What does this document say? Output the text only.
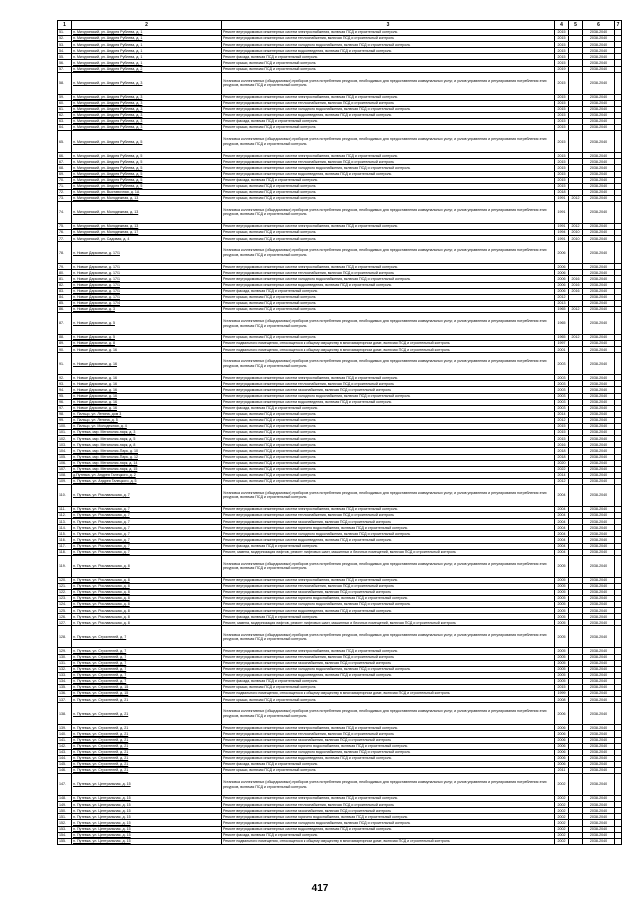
1	2	3	4	5	6	7
51.	п. Мичуринский, ул. Андрея Рублева, д. 1	Ремонт внутридомовых инженерных систем электроснабжения, включая ПСД и строительный контроль	2015		2038-2040	
52.	п. Мичуринский, ул. Андрея Рублева, д. 1	Ремонт внутридомовых инженерных систем теплоснабжения, включая ПСД и строительный контроль	2015		2038-2040	
53.	п. Мичуринский, ул. Андрея Рублева, д. 1	Ремонт внутридомовых инженерных систем холодного водоснабжения, включая ПСД и строительный контроль	2015		2038-2040	
54.	п. Мичуринский, ул. Андрея Рублева, д. 1	Ремонт внутридомовых инженерных систем водоотведения, включая ПСД и строительный контроль	2015		2038-2040	
55.	п. Мичуринский, ул. Андрея Рублева, д. 1	Ремонт фасада, включая ПСД и строительный контроль	2015		2038-2040	
56.	п. Мичуринский, ул. Андрея Рублева, д. 1	Ремонт крыши, включая ПСД и строительный контроль	2015		2038-2040	
57.	п. Мичуринский, ул. Андрея Рублева, д. 2	Ремонт крыши, включая ПСД и строительный контроль	2019		2038-2040	
58.	п. Мичуринский, ул. Андрея Рублева, д. 3	Установка коллективных (общедомовых) приборов учета потребления ресурсов, необходимых для предоставления коммунальных услуг, и узлов управления и регулирования потребления этих ресурсов, включая ПСД и строительный контроль	2015		2038-2040	
59.	п. Мичуринский, ул. Андрея Рублева, д. 3	Ремонт внутридомовых инженерных систем электроснабжения, включая ПСД и строительный контроль	2015		2038-2040	
60.	п. Мичуринский, ул. Андрея Рублева, д. 3	Ремонт внутридомовых инженерных систем теплоснабжения, включая ПСД и строительный контроль	2015		2038-2040	
61.	п. Мичуринский, ул. Андрея Рублева, д. 3	Ремонт внутридомовых инженерных систем холодного водоснабжения, включая ПСД и строительный контроль	2015		2038-2040	
62.	п. Мичуринский, ул. Андрея Рублева, д. 3	Ремонт внутридомовых инженерных систем водоотведения, включая ПСД и строительный контроль	2015		2038-2040	
63.	п. Мичуринский, ул. Андрея Рублева, д. 3	Ремонт фасада, включая ПСД и строительный контроль	2015		2038-2040	
64.	п. Мичуринский, ул. Андрея Рублева, д. 3	Ремонт крыши, включая ПСД и строительный контроль	2015		2038-2040	
65.	п. Мичуринский, ул. Андрея Рублева, д. 5	Установка коллективных (общедомовых) приборов учета потребления ресурсов, необходимых для предоставления коммунальных услуг, и узлов управления и регулирования потребления этих ресурсов, включая ПСД и строительный контроль	2015		2038-2040	
66.	п. Мичуринский, ул. Андрея Рублева, д. 5	Ремонт внутридомовых инженерных систем электроснабжения, включая ПСД и строительный контроль	2015		2038-2040	
67.	п. Мичуринский, ул. Андрея Рублева, д. 5	Ремонт внутридомовых инженерных систем теплоснабжения, включая ПСД и строительный контроль	2015		2038-2040	
68.	п. Мичуринский, ул. Андрея Рублева, д. 5	Ремонт внутридомовых инженерных систем холодного водоснабжения, включая ПСД и строительный контроль	2015		2038-2040	
69.	п. Мичуринский, ул. Андрея Рублева, д. 5	Ремонт внутридомовых инженерных систем водоотведения, включая ПСД и строительный контроль	2015		2038-2040	
70.	п. Мичуринский, ул. Андрея Рублева, д. 5	Ремонт фасада, включая ПСД и строительный контроль	2015		2038-2040	
71.	п. Мичуринский, ул. Андрея Рублева, д. 5	Ремонт крыши, включая ПСД и строительный контроль	2015		2038-2040	
72.	п. Мичуринский, ул. Выставочная, д. 1А	Ремонт крыши, включая ПСД и строительный контроль	2018		2038-2040	
73.	п. Мичуринский, ул. Молодежная, д. 13	Ремонт крыши, включая ПСД и строительный контроль	1991	2012	2038-2040	
74.	п. Мичуринский, ул. Молодежная, д. 13	Установка коллективных (общедомовых) приборов учета потребления ресурсов, необходимых для предоставления коммунальных услуг, и узлов управления и регулирования потребления этих ресурсов, включая ПСД и строительный контроль	1991		2038-2040	
75.	п. Мичуринский, ул. Молодежная, д. 13	Ремонт внутридомовых инженерных систем электроснабжения, включая ПСД и строительный контроль	1991	2012	2038-2040	
76.	п. Мичуринский, ул. Молодежная, д. 17	Ремонт крыши, включая ПСД и строительный контроль	1994	2010	2038-2040	
77.	п. Мичуринский, ул. Садовая, д. 4	Ремонт крыши, включая ПСД и строительный контроль	1991	2010	2038-2040	
78.	п. Новые Дарковичи, д. 17/1	Установка коллективных (общедомовых) приборов учета потребления ресурсов, необходимых для предоставления коммунальных услуг, и узлов управления и регулирования потребления этих ресурсов, включая ПСД и строительный контроль	2006		2038-2040	
79.	п. Новые Дарковичи, д. 17/1	Ремонт внутридомовых инженерных систем электроснабжения, включая ПСД и строительный контроль	2006		2038-2040	
80.	п. Новые Дарковичи, д. 17/1	Ремонт внутридомовых инженерных систем теплоснабжения, включая ПСД и строительный контроль	2006		2038-2040	
81.	п. Новые Дарковичи, д. 17/1	Ремонт внутридомовых инженерных систем холодного водоснабжения, включая ПСД и строительный контроль	2006	2016	2038-2040	
82.	п. Новые Дарковичи, д. 17/1	Ремонт внутридомовых инженерных систем водоотведения, включая ПСД и строительный контроль	2006	2016	2038-2040	
83.	п. Новые Дарковичи, д. 17/1	Ремонт фасада, включая ПСД и строительный контроль	2006	2016	2038-2040	
84.	п. Новые Дарковичи, д. 17/1	Ремонт крыши, включая ПСД и строительный контроль	2012		2038-2040	
85.	п. Новые Дарковичи, д. 17/4	Ремонт крыши, включая ПСД и строительный контроль	2013		2038-2040	
86.	п. Новые Дарковичи, д. 3	Ремонт крыши, включая ПСД и строительный контроль	1965	2012	2038-2040	
87.	п. Новые Дарковичи, д. 5	Установка коллективных (общедомовых) приборов учета потребления ресурсов, необходимых для предоставления коммунальных услуг, и узлов управления и регулирования потребления этих ресурсов, включая ПСД и строительный контроль	1965		2038-2040	
88.	п. Новые Дарковичи, д. 5	Ремонт крыши, включая ПСД и строительный контроль	1965	2012	2038-2040	
89.	п. Новые Дарковичи, д. 8	Ремонт подвального помещения, относящегося к общему имуществу в многоквартирном доме, включая ПСД и строительный контроль	1997		2038-2040	
90.	п. Новые Дарковичи, д. 16	Ремонт подвального помещения, относящегося к общему имуществу в многоквартирном доме, включая ПСД и строительный контроль	2001		2038-2040	
91.	п. Новые Дарковичи, д. 16	Установка коллективных (общедомовых) приборов учета потребления ресурсов, необходимых для предоставления коммунальных услуг, и узлов управления и регулирования потребления этих ресурсов, включая ПСД и строительный контроль	2003		2038-2040	
92.	п. Новые Дарковичи, д. 16	Ремонт внутридомовых инженерных систем электроснабжения, включая ПСД и строительный контроль	2003		2038-2040	
93.	п. Новые Дарковичи, д. 16	Ремонт внутридомовых инженерных систем теплоснабжения, включая ПСД и строительный контроль	2003		2038-2040	
94.	п. Новые Дарковичи, д. 16	Ремонт внутридомовых инженерных систем газоснабжения, включая ПСД и строительный контроль	2003		2038-2040	
95.	п. Новые Дарковичи, д. 16	Ремонт внутридомовых инженерных систем холодного водоснабжения, включая ПСД и строительный контроль	2003		2038-2040	
96.	п. Новые Дарковичи, д. 16	Ремонт внутридомовых инженерных систем водоотведения, включая ПСД и строительный контроль	2003		2038-2040	
97.	п. Новые Дарковичи, д. 16	Ремонт фасада, включая ПСД и строительный контроль	2003		2038-2040	
98.	п. Пальцо, ул. Ленина, дом 3	Ремонт крыши, включая ПСД и строительный контроль	2014		2038-2040	
99.	п. Пальцо, ул. Ленина, д. 5	Ремонт крыши, включая ПСД и строительный контроль	2012		2038-2040	
100.	п. Пальцо, ул. Молодежная, д. 4	Ремонт крыши, включая ПСД и строительный контроль	2015		2038-2040	
101.	п. Путевка, мкр. Мегаполис-парк, д. 3	Ремонт крыши, включая ПСД и строительный контроль	2015		2038-2040	
102.	п. Путевка, мкр. Мегаполис-парк, д. 5	Ремонт крыши, включая ПСД и строительный контроль	2015		2038-2040	
103.	п. Путевка, мкр. Мегаполис-парк, д. 8	Ремонт крыши, включая ПСД и строительный контроль	2016		2038-2040	
104.	п. Путевка, мкр. Мегаполис-Парк, д. 10	Ремонт крыши, включая ПСД и строительный контроль	2018		2038-2040	
105.	п. Путевка, мкр. Мегаполис-Парк, д. 12	Ремонт крыши, включая ПСД и строительный контроль	2018		2038-2040	
106.	п. Путевка, мкр. Мегаполис-парк, д. 14	Ремонт крыши, включая ПСД и строительный контроль	2020		2038-2040	
107.	п. Путевка, мкр. Мегаполис-парк, д. 15	Ремонт крыши, включая ПСД и строительный контроль	2022		2038-2040	
108.	д.Путевка, ул. Андрея Галецкого, д. 2	Ремонт крыши, включая ПСД и строительный контроль	2014		2038-2040	
109.	п. Путевка, ул. Андрея Галецкого, д. 5	Ремонт крыши, включая ПСД и строительный контроль	2012		2038-2040	
110.	п. Путевка, ул. Рославльская, д. 7	Установка коллективных (общедомовых) приборов учета потребления ресурсов, необходимых для предоставления коммунальных услуг, и узлов управления и регулирования потребления этих ресурсов, включая ПСД и строительный контроль	2004		2038-2040	
111.	п. Путевка, ул. Рославльская, д. 7	Ремонт внутридомовых инженерных систем электроснабжения, включая ПСД и строительный контроль	2004		2038-2040	
112.	п. Путевка, ул. Рославльская, д. 7	Ремонт внутридомовых инженерных систем теплоснабжения, включая ПСД и строительный контроль	2004		2038-2040	
113.	п. Путевка, ул. Рославльская, д. 7	Ремонт внутридомовых инженерных систем газоснабжения, включая ПСД и строительный контроль	2004		2038-2040	
114.	п. Путевка, ул. Рославльская, д. 7	Ремонт внутридомовых инженерных систем горячего водоснабжения, включая ПСД и строительный контроль	2004		2038-2040	
115.	п. Путевка, ул. Рославльская, д. 7	Ремонт внутридомовых инженерных систем холодного водоснабжения, включая ПСД и строительный контроль	2004		2038-2040	
116.	п. Путевка, ул. Рославльская, д. 7	Ремонт внутридомовых инженерных систем водоотведения, включая ПСД и строительный контроль	2004		2038-2040	
117.	п. Путевка, ул. Рославльская, д. 7	Ремонт фасада, включая ПСД и строительный контроль	2004		2038-2040	
118.	п. Путевка, ул. Рославльская, д. 7	Ремонт, замена, модернизация лифтов, ремонт лифтовых шахт, машинных и блочных помещений, включая ПСД и строительный контроль	2004		2038-2040	
119.	п. Путевка, ул. Рославльская, д. 8	Установка коллективных (общедомовых) приборов учета потребления ресурсов, необходимых для предоставления коммунальных услуг, и узлов управления и регулирования потребления этих ресурсов, включая ПСД и строительный контроль	2005		2038-2040	
120.	п. Путевка, ул. Рославльская, д. 8	Ремонт внутридомовых инженерных систем электроснабжения, включая ПСД и строительный контроль	2005		2038-2040	
121.	п. Путевка, ул. Рославльская, д. 8	Ремонт внутридомовых инженерных систем теплоснабжения, включая ПСД и строительный контроль	2005		2038-2040	
122.	п. Путевка, ул. Рославльская, д. 8	Ремонт внутридомовых инженерных систем газоснабжения, включая ПСД и строительный контроль	2005		2038-2040	
123.	п. Путевка, ул. Рославльская, д. 8	Ремонт внутридомовых инженерных систем горячего водоснабжения, включая ПСД и строительный контроль	2005		2038-2040	
124.	п. Путевка, ул. Рославльская, д. 8	Ремонт внутридомовых инженерных систем холодного водоснабжения, включая ПСД и строительный контроль	2005		2038-2040	
125.	п. Путевка, ул. Рославльская, д. 8	Ремонт внутридомовых инженерных систем водоотведения, включая ПСД и строительный контроль	2005		2038-2040	
126.	п. Путевка, ул. Рославльская, д. 8	Ремонт фасада, включая ПСД и строительный контроль	2005		2038-2040	
127.	п. Путевка, ул. Рославльская, д. 8	Ремонт, замена, модернизация лифтов, ремонт лифтовых шахт, машинных и блочных помещений, включая ПСД и строительный контроль	2005		2038-2040	
128.	п. Путевка, ул. Строителей, д. 7	Установка коллективных (общедомовых) приборов учета потребления ресурсов, необходимых для предоставления коммунальных услуг, и узлов управления и регулирования потребления этих ресурсов, включая ПСД и строительный контроль	2005		2038-2040	
129.	п. Путевка, ул. Строителей, д. 7	Ремонт внутридомовых инженерных систем электроснабжения, включая ПСД и строительный контроль	2005		2038-2040	
130.	п. Путевка, ул. Строителей, д. 7	Ремонт внутридомовых инженерных систем теплоснабжения, включая ПСД и строительный контроль	2005		2038-2040	
131.	п. Путевка, ул. Строителей, д. 7	Ремонт внутридомовых инженерных систем газоснабжения, включая ПСД и строительный контроль	2005		2038-2040	
132.	п. Путевка, ул. Строителей, д. 7	Ремонт внутридомовых инженерных систем холодного водоснабжения, включая ПСД и строительный контроль	2005		2038-2040	
133.	п. Путевка, ул. Строителей, д. 7	Ремонт внутридомовых инженерных систем водоотведения, включая ПСД и строительный контроль	2005		2038-2040	
134.	п. Путевка, ул. Строителей, д. 7	Ремонт фасада, включая ПСД и строительный контроль	2005		2038-2040	
135.	п. Путевка, ул. Строителей, д. 15	Ремонт крыши, включая ПСД и строительный контроль	2015		2038-2040	
136.	п. Путевка, ул. Строителей, д. 15	Ремонт подвального помещения, относящегося к общему имуществу в многоквартирном доме, включая ПСД и строительный контроль	1999		2038-2040	
137.	п. Путевка, ул. Строителей, д. 21	Ремонт крыши, включая ПСД и строительный контроль	2008		2038-2040	
138.	п. Путевка, ул. Строителей, д. 21	Установка коллективных (общедомовых) приборов учета потребления ресурсов, необходимых для предоставления коммунальных услуг, и узлов управления и регулирования потребления этих ресурсов, включая ПСД и строительный контроль	2006		2038-2040	
139.	п. Путевка, ул. Строителей, д. 21	Ремонт внутридомовых инженерных систем электроснабжения, включая ПСД и строительный контроль	2006		2038-2040	
140.	п. Путевка, ул. Строителей, д. 21	Ремонт внутридомовых инженерных систем теплоснабжения, включая ПСД и строительный контроль	2006		2038-2040	
141.	п. Путевка, ул. Строителей, д. 21	Ремонт внутридомовых инженерных систем газоснабжения, включая ПСД и строительный контроль	2006		2038-2040	
142.	п. Путевка, ул. Строителей, д. 21	Ремонт внутридомовых инженерных систем горячего водоснабжения, включая ПСД и строительный контроль	2006		2038-2040	
143.	п. Путевка, ул. Строителей, д. 21	Ремонт внутридомовых инженерных систем холодного водоснабжения, включая ПСД и строительный контроль	2006		2038-2040	
144.	п. Путевка, ул. Строителей, д. 21	Ремонт внутридомовых инженерных систем водоотведения, включая ПСД и строительный контроль	2006		2038-2040	
145.	п. Путевка, ул. Строителей, д. 21	Ремонт фасада, включая ПСД и строительный контроль	2006		2038-2040	
146.	п. Путевка, ул. Строителей, д. 21	Ремонт крыши, включая ПСД и строительный контроль	2011		2038-2040	
147.	п. Путевка, ул. Центральная, д. 15	Установка коллективных (общедомовых) приборов учета потребления ресурсов, необходимых для предоставления коммунальных услуг, и узлов управления и регулирования потребления этих ресурсов, включая ПСД и строительный контроль	2002		2038-2040	
148.	п. Путевка, ул. Центральная, д. 15	Ремонт внутридомовых инженерных систем электроснабжения, включая ПСД и строительный контроль	2002		2038-2040	
149.	п. Путевка, ул. Центральная, д. 15	Ремонт внутридомовых инженерных систем теплоснабжения, включая ПСД и строительный контроль	2002		2038-2040	
150.	п. Путевка, ул. Центральная, д. 15	Ремонт внутридомовых инженерных систем газоснабжения, включая ПСД и строительный контроль	2002		2038-2040	
151.	п. Путевка, ул. Центральная, д. 15	Ремонт внутридомовых инженерных систем горячего водоснабжения, включая ПСД и строительный контроль	2002		2038-2040	
152.	п. Путевка, ул. Центральная, д. 15	Ремонт внутридомовых инженерных систем холодного водоснабжения, включая ПСД и строительный контроль	2002		2038-2040	
153.	п. Путевка, ул. Центральная, д. 15	Ремонт внутридомовых инженерных систем водоотведения, включая ПСД и строительный контроль	2002		2038-2040	
154.	п. Путевка, ул. Центральная, д. 15	Ремонт фасада, включая ПСД и строительный контроль	2002		2038-2040	
155.	п. Путевка, ул. Центральная, д. 15	Ремонт подвального помещения, относящегося к общему имуществу в многоквартирном доме, включая ПСД и строительный контроль	2002		2038-2040	
417
